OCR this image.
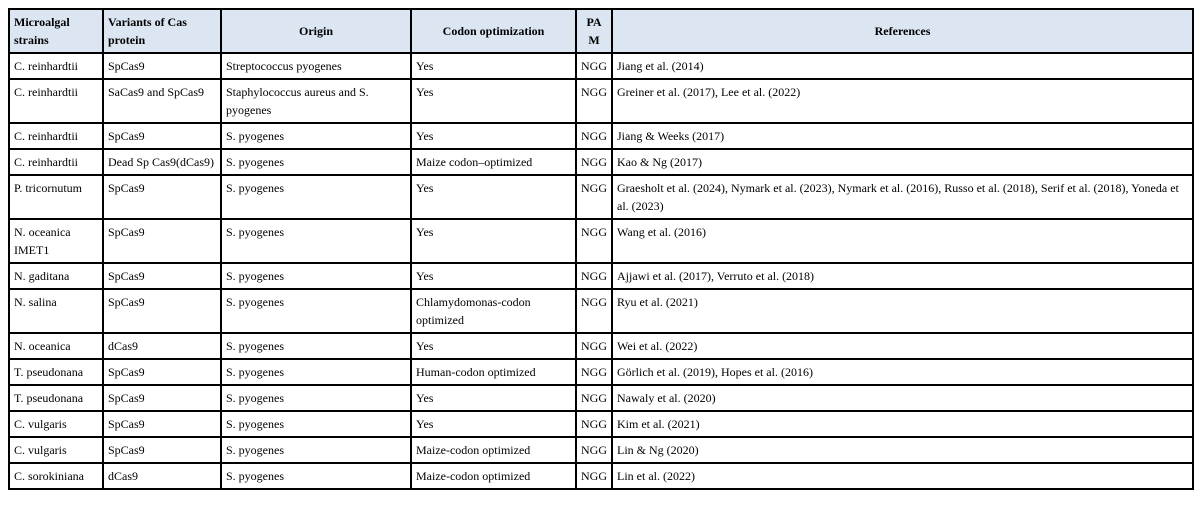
Microalgal strains	Variants of Cas protein	Origin	Codon optimization	PAM	References
C. reinhardtii	SpCas9	Streptococcus pyogenes	Yes	NGG	Jiang et al. (2014)
C. reinhardtii	SaCas9 and SpCas9	Staphylococcus aureus and S. pyogenes	Yes	NGG	Greiner et al. (2017), Lee et al. (2022)
C. reinhardtii	SpCas9	S. pyogenes	Yes	NGG	Jiang & Weeks (2017)
C. reinhardtii	Dead Sp Cas9(dCas9)	S. pyogenes	Maize codon–optimized	NGG	Kao & Ng (2017)
P. tricornutum	SpCas9	S. pyogenes	Yes	NGG	Graesholt et al. (2024), Nymark et al. (2023), Nymark et al. (2016), Russo et al. (2018), Serif et al. (2018), Yoneda et al. (2023)
N. oceanica IMET1	SpCas9	S. pyogenes	Yes	NGG	Wang et al. (2016)
N. gaditana	SpCas9	S. pyogenes	Yes	NGG	Ajjawi et al. (2017), Verruto et al. (2018)
N. salina	SpCas9	S. pyogenes	Chlamydomonas-codon optimized	NGG	Ryu et al. (2021)
N. oceanica	dCas9	S. pyogenes	Yes	NGG	Wei et al. (2022)
T. pseudonana	SpCas9	S. pyogenes	Human-codon optimized	NGG	Görlich et al. (2019), Hopes et al. (2016)
T. pseudonana	SpCas9	S. pyogenes	Yes	NGG	Nawaly et al. (2020)
C. vulgaris	SpCas9	S. pyogenes	Yes	NGG	Kim et al. (2021)
C. vulgaris	SpCas9	S. pyogenes	Maize-codon optimized	NGG	Lin & Ng (2020)
C. sorokiniana	dCas9	S. pyogenes	Maize-codon optimized	NGG	Lin et al. (2022)
